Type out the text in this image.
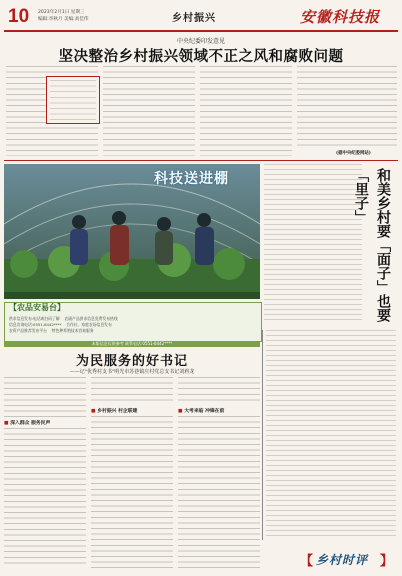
10 2023年2月1日 星期三
编辑:李秋月 美编:高佳伟	乡村振兴	安徽科技报
中央纪委印发意见
坚决整治乡村振兴领域不正之风和腐败问题
(据中央纪委网站)
科技送进棚	和美乡村要「面子」也要「里子」
【农品安易台】
供求信息发布:电话或扫码了解 农副产品供求信息免费发布热线
信息咨询电话:0551-8442**** 合作社、家庭农场信息发布
农资产品推荐发布平台 特色种养殖技术咨询服务
本版信息仅供参考 联系电话:0551-8442****
为民服务的好书记
——记"优秀村支书"明光市苏巷镇庄村党总支书记刘莉龙
■ 深入群众 服务民声
■ 乡村振兴 村企联建	■ 大考来临 冲锋在前
【 乡村时评 】
